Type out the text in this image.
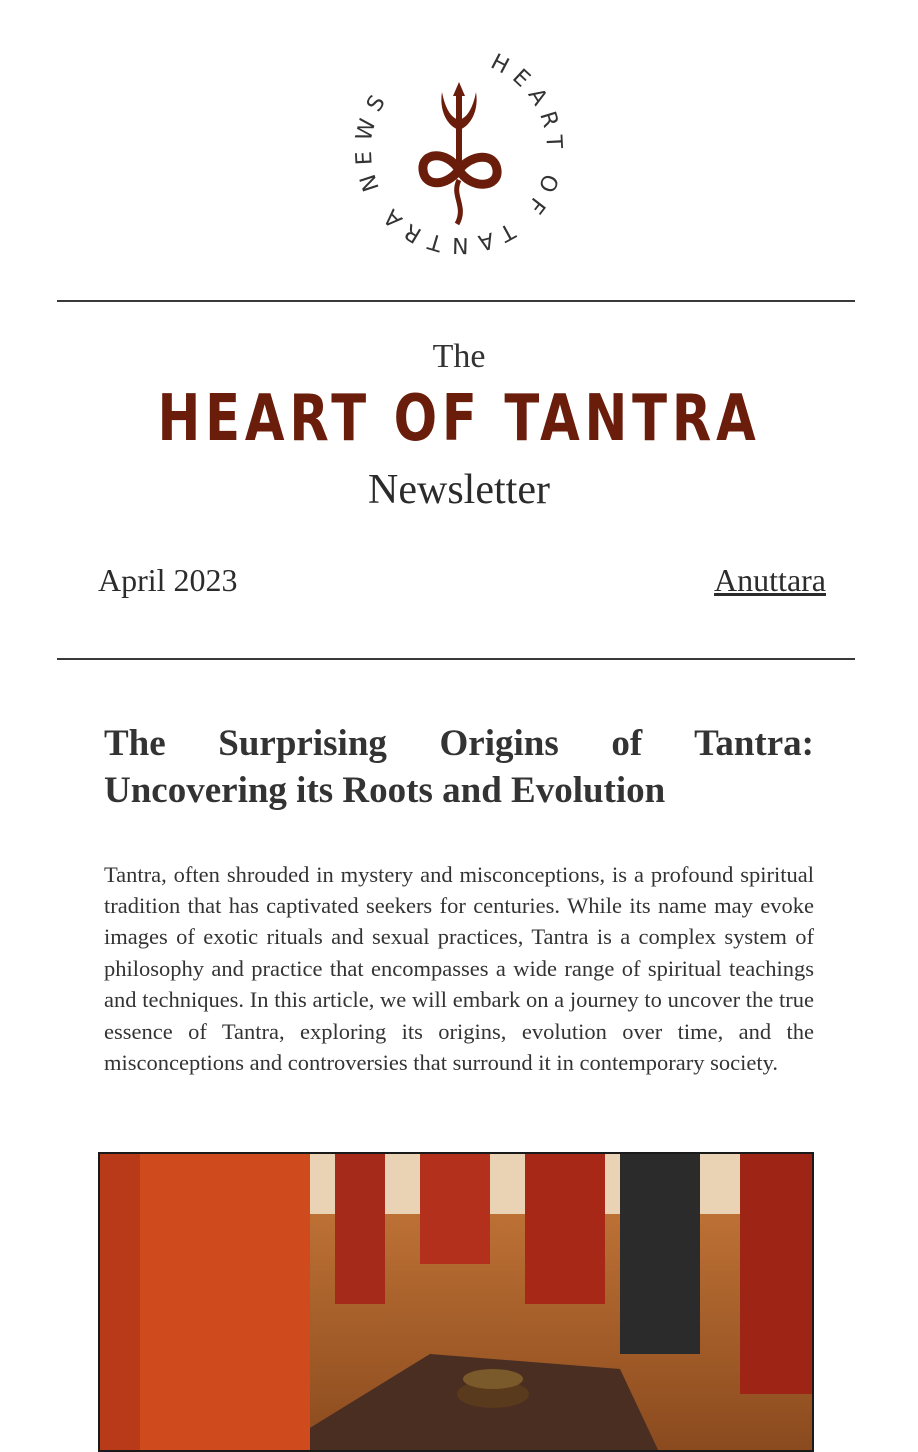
HEART OF TANTRA NEWS
The
HEART OF TANTRA
Newsletter
April 2023	Anuttara
The Surprising Origins of Tantra: Uncovering its Roots and Evolution

Tantra, often shrouded in mystery and misconceptions, is a profound spiritual tradition that has captivated seekers for centuries. While its name may evoke images of exotic rituals and sexual practices, Tantra is a complex system of philosophy and practice that encompasses a wide range of spiritual teachings and techniques. In this article, we will embark on a journey to uncover the true essence of Tantra, exploring its origins, evolution over time, and the misconceptions and controversies that surround it in contemporary society.
